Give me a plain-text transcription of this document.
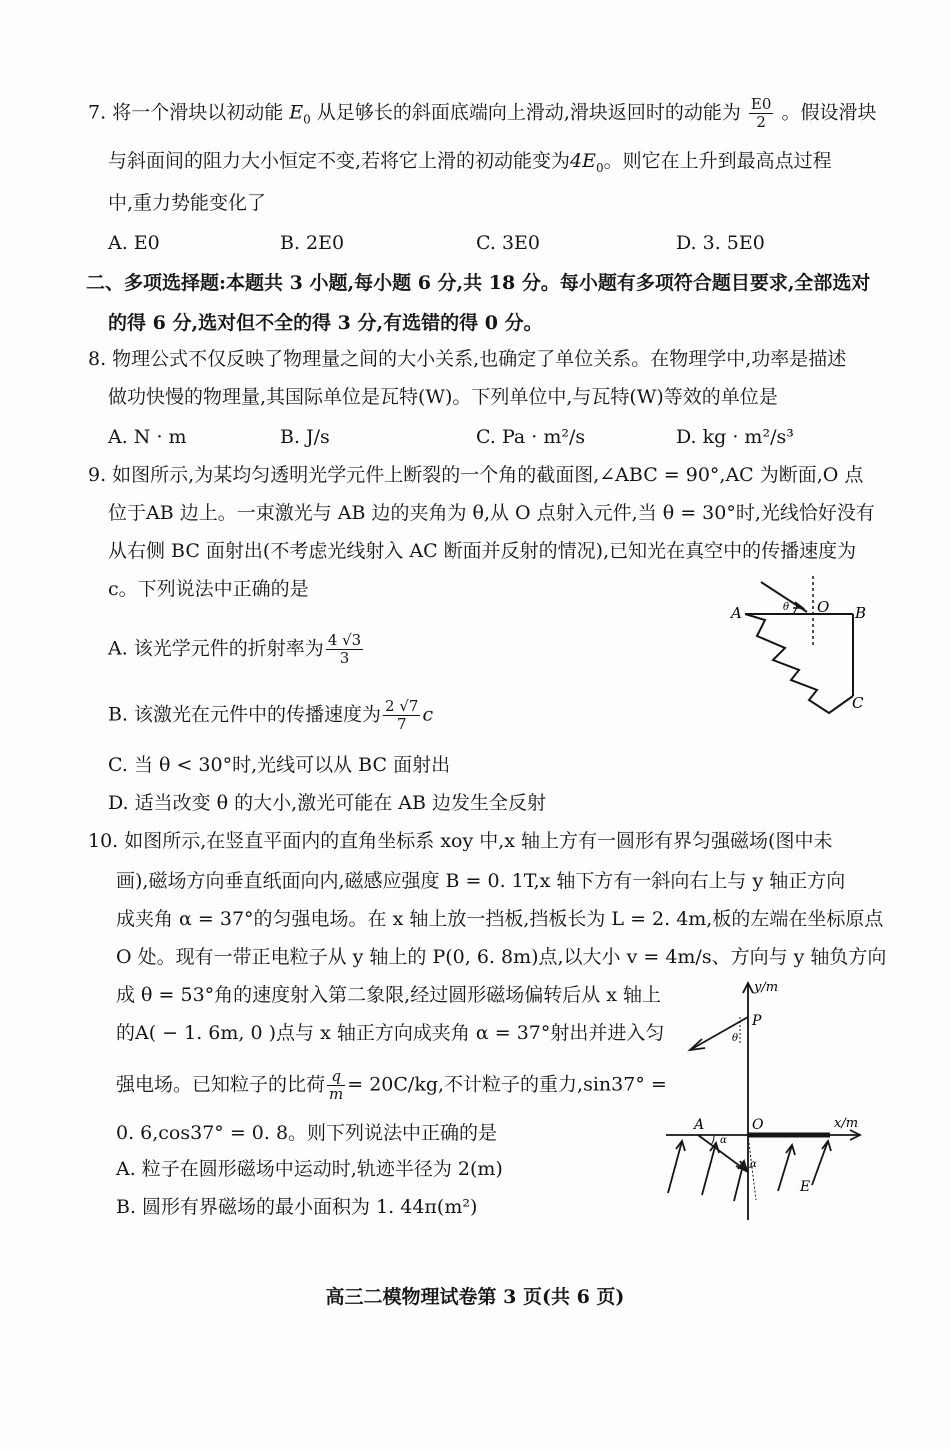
7. 将一个滑块以初动能 $E_0$ 从足够长的斜面底端向上滑动,滑块返回时的动能为 $\frac{E0}{2}$ 。假设滑块
与斜面间的阻力大小恒定不变,若将它上滑的初动能变为$4E_0$。则它在上升到最高点过程
中,重力势能变化了
A. E0	B. 2E0	C. 3E0	D. 3. 5E0
二、多项选择题:本题共 3 小题,每小题 6 分,共 18 分。每小题有多项符合题目要求,全部选对
的得 6 分,选对但不全的得 3 分,有选错的得 0 分。
8. 物理公式不仅反映了物理量之间的大小关系,也确定了单位关系。在物理学中,功率是描述
做功快慢的物理量,其国际单位是瓦特(W)。下列单位中,与瓦特(W)等效的单位是
A. N · m	B. J/s	C. Pa · m²/s	D. kg · m²/s³
9. 如图所示,为某均匀透明光学元件上断裂的一个角的截面图,∠ABC = 90°,AC 为断面,O 点
位于AB 边上。一束激光与 AB 边的夹角为 θ,从 O 点射入元件,当 θ = 30°时,光线恰好没有
从右侧 BC 面射出(不考虑光线射入 AC 断面并反射的情况),已知光在真空中的传播速度为
c。下列说法中正确的是
A. 该光学元件的折射率为 $\frac{4 √3}{3}$
B. 该激光在元件中的传播速度为 $\frac{2 √7}{7}$ c
C. 当 θ < 30°时,光线可以从 BC 面射出
D. 适当改变 θ 的大小,激光可能在 AB 边发生全反射
A	B
C
O
θ
10. 如图所示,在竖直平面内的直角坐标系 xoy 中,x 轴上方有一圆形有界匀强磁场(图中未
画),磁场方向垂直纸面向内,磁感应强度 B = 0. 1T,x 轴下方有一斜向右上与 y 轴正方向
成夹角 α = 37°的匀强电场。在 x 轴上放一挡板,挡板长为 L = 2. 4m,板的左端在坐标原点
O 处。现有一带正电粒子从 y 轴上的 P(0, 6. 8m)点,以大小 v = 4m/s、方向与 y 轴负方向
成 θ = 53°角的速度射入第二象限,经过圆形磁场偏转后从 x 轴上
的A( − 1. 6m, 0 )点与 x 轴正方向成夹角 α = 37°射出并进入匀
强电场。已知粒子的比荷 $\frac{q}{m} = 20C/kg$,不计粒子的重力,sin37° =
0. 6,cos37° = 0. 8。则下列说法中正确的是
A. 粒子在圆形磁场中运动时,轨迹半径为 2(m)
B. 圆形有界磁场的最小面积为 1. 44π(m²)
y/m
x/m
P
O
A
E
θ
α
α
高三二模物理试卷第 3 页(共 6 页)
